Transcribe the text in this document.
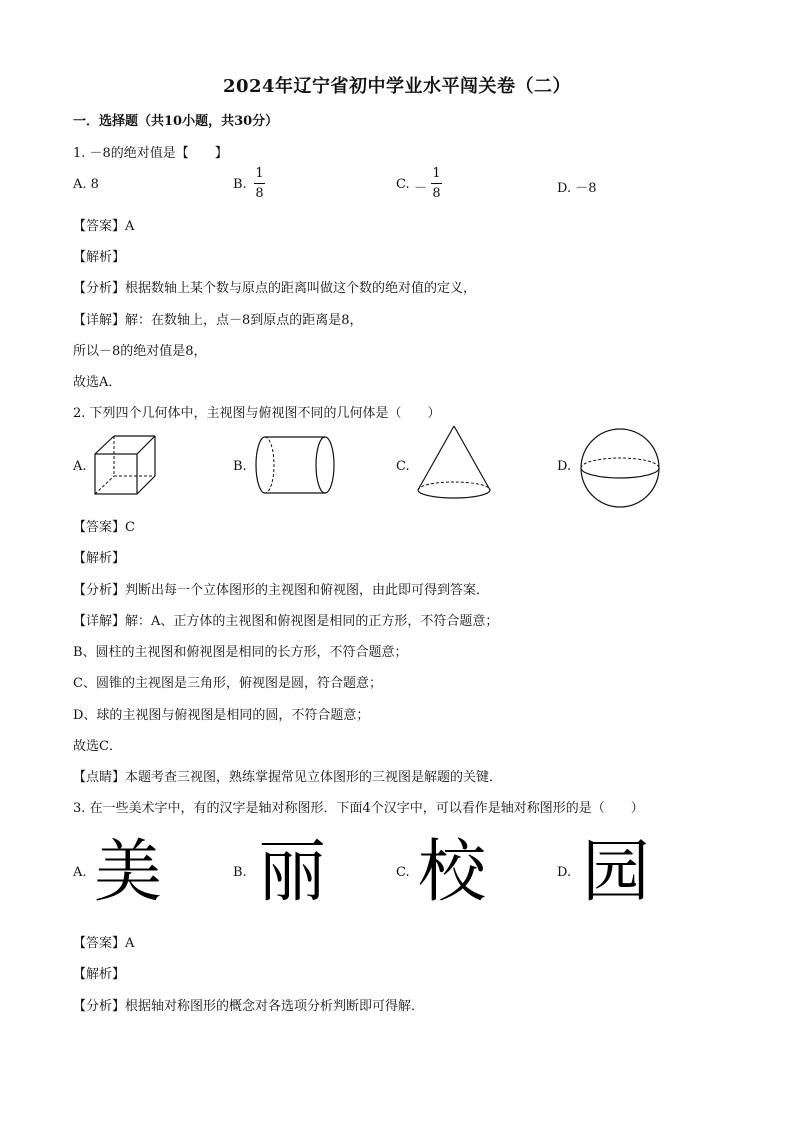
2024年辽宁省初中学业水平闯关卷（二）
一．选择题（共10小题，共30分）
1. －8的绝对值是【　　】
A. 8	B.
1
8
C. －
1
8	D. －8
【答案】A
【解析】
【分析】根据数轴上某个数与原点的距离叫做这个数的绝对值的定义，
【详解】解：在数轴上，点－8到原点的距离是8，
所以－8的绝对值是8，
故选A．
2. 下列四个几何体中，主视图与俯视图不同的几何体是（　　）
A.	B.	C.	D.
【答案】C
【解析】
【分析】判断出每一个立体图形的主视图和俯视图，由此即可得到答案．
【详解】解：A、正方体的主视图和俯视图是相同的正方形，不符合题意；
B、圆柱的主视图和俯视图是相同的长方形，不符合题意；
C、圆锥的主视图是三角形，俯视图是圆，符合题意；
D、球的主视图与俯视图是相同的圆，不符合题意；
故选C．
【点睛】本题考查三视图，熟练掌握常见立体图形的三视图是解题的关键．
3. 在一些美术字中，有的汉字是轴对称图形．下面4个汉字中，可以看作是轴对称图形的是（　　）
A. 美	B. 丽	C. 校	D. 园
【答案】A
【解析】
【分析】根据轴对称图形的概念对各选项分析判断即可得解．
